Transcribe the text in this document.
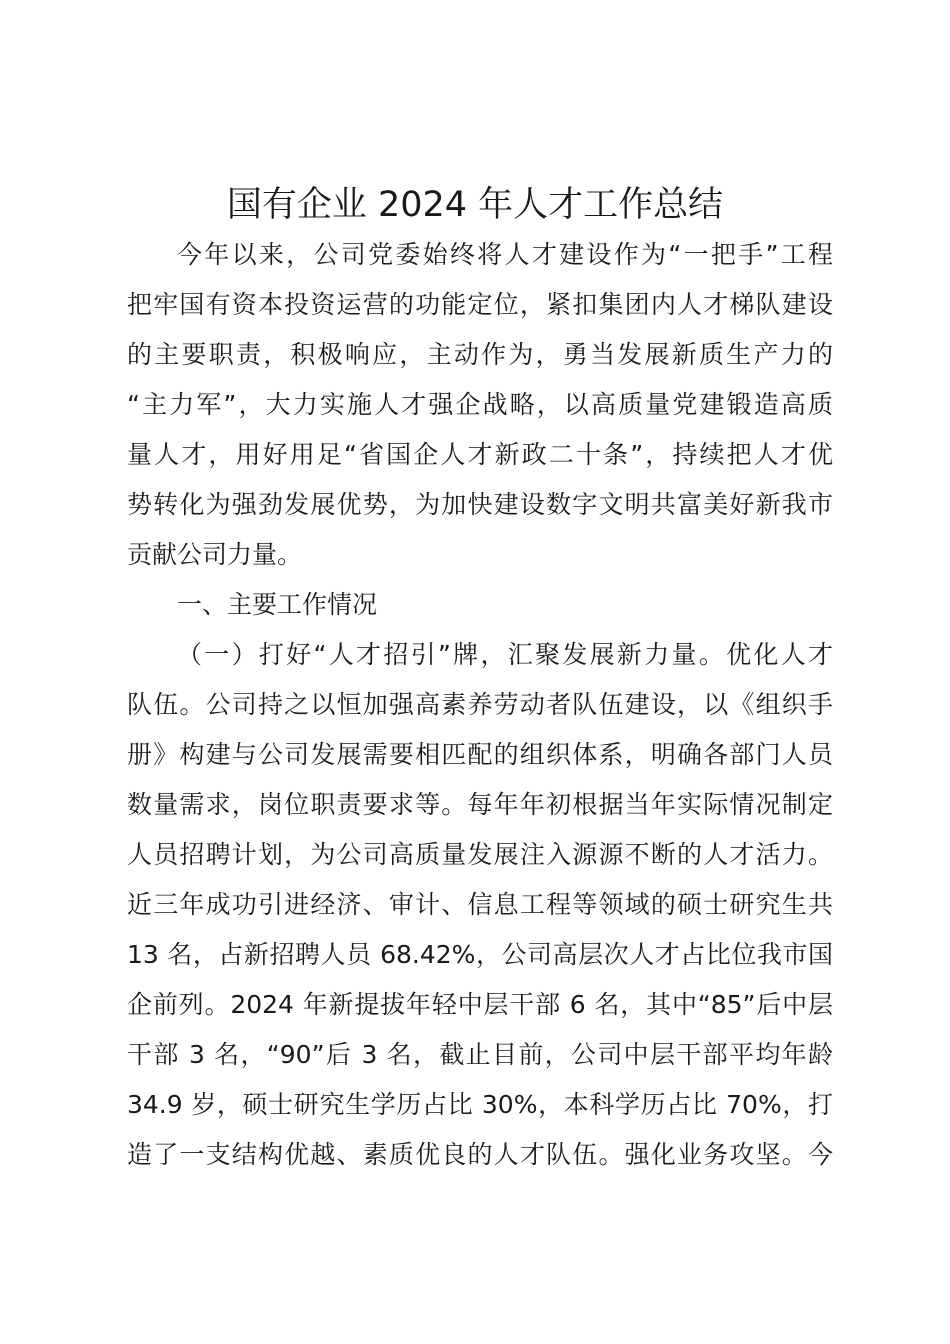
国有企业 2024 年人才工作总结
今年以来，公司党委始终将人才建设作为“一把手”工程
把牢国有资本投资运营的功能定位，紧扣集团内人才梯队建设
的主要职责，积极响应，主动作为，勇当发展新质生产力的
“主力军”，大力实施人才强企战略，以高质量党建锻造高质
量人才，用好用足“省国企人才新政二十条”，持续把人才优
势转化为强劲发展优势，为加快建设数字文明共富美好新我市
贡献公司力量。
一、主要工作情况
（一）打好“人才招引”牌，汇聚发展新力量。优化人才
队伍。公司持之以恒加强高素养劳动者队伍建设，以《组织手
册》构建与公司发展需要相匹配的组织体系，明确各部门人员
数量需求，岗位职责要求等。每年年初根据当年实际情况制定
人员招聘计划，为公司高质量发展注入源源不断的人才活力。
近三年成功引进经济、审计、信息工程等领域的硕士研究生共
13 名，占新招聘人员 68.42%，公司高层次人才占比位我市国
企前列。2024 年新提拔年轻中层干部 6 名，其中“85”后中层
干部 3 名，“90”后 3 名，截止目前，公司中层干部平均年龄
34.9 岁，硕士研究生学历占比 30%，本科学历占比 70%，打
造了一支结构优越、素质优良的人才队伍。强化业务攻坚。今
